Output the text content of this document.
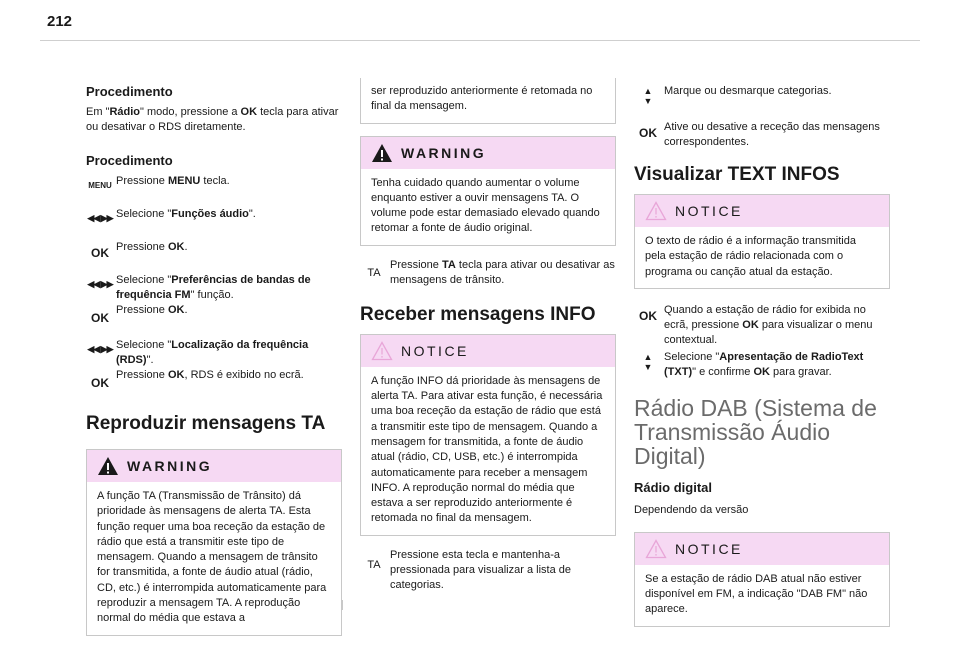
212
Procedimento

Em "Rádio" modo, pressione a OK tecla para ativar ou desativar o RDS diretamente.

Procedimento
MENU Pressione MENU tecla.
◀◀ ▶▶ Selecione "Funções áudio".
OK Pressione OK.
◀◀ ▶▶ Selecione "Preferências de bandas de frequência FM" função.
OK
Pressione OK.
◀◀ ▶▶ Selecione "Localização da frequência (RDS)".
OK
Pressione OK, RDS é exibido no ecrã.
Reproduzir mensagens TA
WARNING
A função TA (Transmissão de Trânsito) dá prioridade às mensagens de alerta TA. Esta função requer uma boa receção da estação de rádio que está a transmitir este tipo de mensagem. Quando a mensagem de trânsito for transmitida, a fonte de áudio atual (rádio, CD, etc.) é interrompida automaticamente para reproduzir a mensagem TA. A reprodução normal do média que estava a
ser reproduzido anteriormente é retomada no final da mensagem.
WARNING
Tenha cuidado quando aumentar o volume enquanto estiver a ouvir mensagens TA. O volume pode estar demasiado elevado quando retomar a fonte de áudio original.
TA
Pressione TA tecla para ativar ou desativar as mensagens de trânsito.
Receber mensagens INFO
NOTICE
A função INFO dá prioridade às mensagens de alerta TA. Para ativar esta função, é necessária uma boa receção da estação de rádio que está a transmitir este tipo de mensagem. Quando a mensagem for transmitida, a fonte de áudio atual (rádio, CD, USB, etc.) é interrompida automaticamente para receber a mensagem INFO. A reprodução normal do média que estava a ser reproduzido anteriormente é retomada no final da mensagem.
TA
Pressione esta tecla e mantenha-a pressionada para visualizar a lista de categorias.
▲
▼
Marque ou desmarque categorias.
OK Ative ou desative a receção das mensagens correspondentes.
Visualizar TEXT INFOS
NOTICE
O texto de rádio é a informação transmitida pela estação de rádio relacionada com o programa ou canção atual da estação.
OK Quando a estação de rádio for exibida no ecrã, pressione OK para visualizar o menu contextual.
▲
▼
Selecione "Apresentação de RadioText (TXT)" e confirme OK para gravar.
Rádio DAB (Sistema de Transmissão Áudio Digital)
Rádio digital

Dependendo da versão

NOTICE
Se a estação de rádio DAB atual não estiver disponível em FM, a indicação "DAB FM" não aparece.
